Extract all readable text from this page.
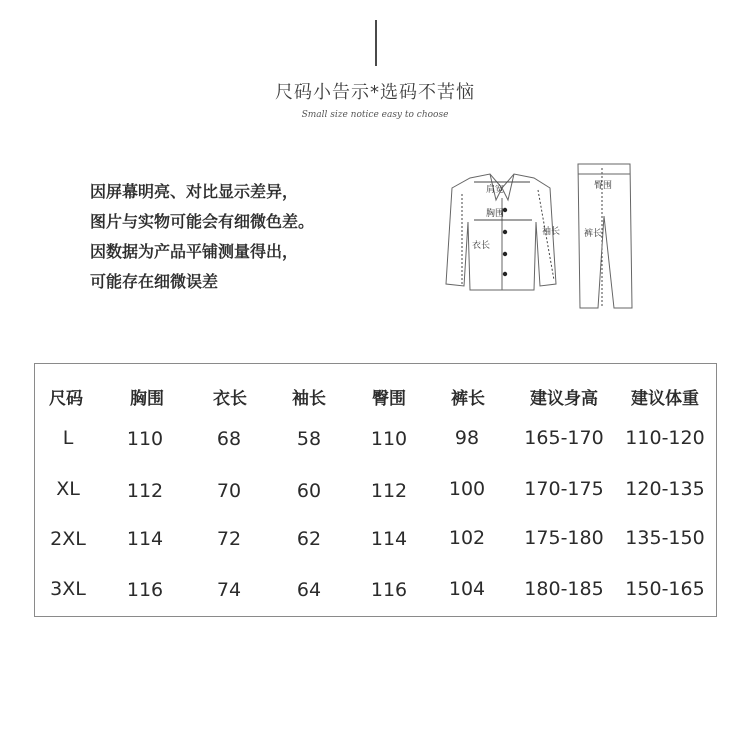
尺码小告示*选码不苦恼
Small size notice easy to choose
因屏幕明亮、对比显示差异，
图片与实物可能会有细微色差。
因数据为产品平铺测量得出，
可能存在细微误差
肩宽
胸围
衣长
袖长
臀围
裤长
尺码	胸围	衣长	袖长	臀围	裤长	建议身高 建议体重
L	110	68	58	110	98 165-170 110-120
XL 112	70	60	112 100 170-175 120-135
2XL 114	72	62	114 102 175-180 135-150
3XL 116	74	64	116 104 180-185 150-165
